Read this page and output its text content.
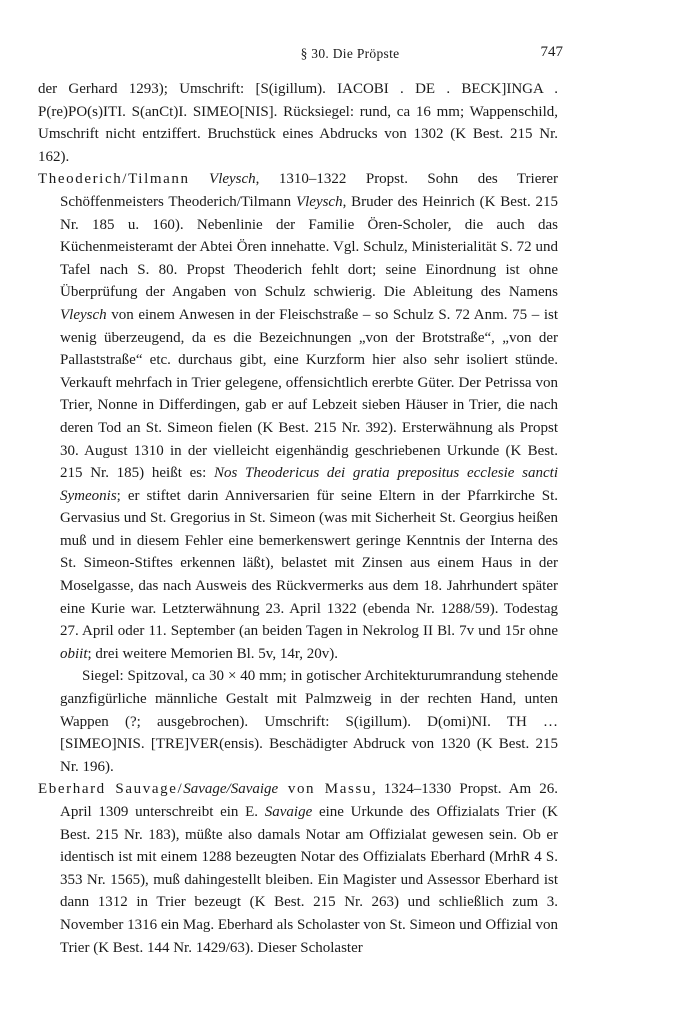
§ 30. Die Pröpste	747

der Gerhard 1293); Umschrift: [S(igillum). IACOBI . DE . BECK]INGA . P(re)PO(s)ITI. S(anCt)I. SIMEO[NIS]. Rücksiegel: rund, ca 16 mm; Wappenschild, Umschrift nicht entziffert. Bruchstück eines Abdrucks von 1302 (K Best. 215 Nr. 162).

Theoderich/Tilmann Vleysch, 1310–1322 Propst. Sohn des Trierer Schöffenmeisters Theoderich/Tilmann Vleysch, Bruder des Heinrich (K Best. 215 Nr. 185 u. 160). Nebenlinie der Familie Ören-Scholer, die auch das Küchenmeisteramt der Abtei Ören innehatte. Vgl. Schulz, Ministerialität S. 72 und Tafel nach S. 80. Propst Theoderich fehlt dort; seine Einordnung ist ohne Überprüfung der Angaben von Schulz schwierig. Die Ableitung des Namens Vleysch von einem Anwesen in der Fleischstraße – so Schulz S. 72 Anm. 75 – ist wenig überzeugend, da es die Bezeichnungen „von der Brotstraße“, „von der Pallaststraße“ etc. durchaus gibt, eine Kurzform hier also sehr isoliert stünde. Verkauft mehrfach in Trier gelegene, offensichtlich ererbte Güter. Der Petrissa von Trier, Nonne in Differdingen, gab er auf Lebzeit sieben Häuser in Trier, die nach deren Tod an St. Simeon fielen (K Best. 215 Nr. 392). Ersterwähnung als Propst 30. August 1310 in der vielleicht eigenhändig geschriebenen Urkunde (K Best. 215 Nr. 185) heißt es: Nos Theodericus dei gratia prepositus ecclesie sancti Symeonis; er stiftet darin Anniversarien für seine Eltern in der Pfarrkirche St. Gervasius und St. Gregorius in St. Simeon (was mit Sicherheit St. Georgius heißen muß und in diesem Fehler eine bemerkenswert geringe Kenntnis der Interna des St. Simeon-Stiftes erkennen läßt), belastet mit Zinsen aus einem Haus in der Moselgasse, das nach Ausweis des Rückvermerks aus dem 18. Jahrhundert später eine Kurie war. Letzterwähnung 23. April 1322 (ebenda Nr. 1288/59). Todestag 27. April oder 11. September (an beiden Tagen in Nekrolog II Bl. 7v und 15r ohne obiit; drei weitere Memorien Bl. 5v, 14r, 20v).

Siegel: Spitzoval, ca 30 × 40 mm; in gotischer Architekturumrandung stehende ganzfigürliche männliche Gestalt mit Palmzweig in der rechten Hand, unten Wappen (?; ausgebrochen). Umschrift: S(igillum). D(omi)NI. TH … [SIMEO]NIS. [TRE]VER(ensis). Beschädigter Abdruck von 1320 (K Best. 215 Nr. 196).

Eberhard Sauvage/Savage/Savaige von Massu, 1324–1330 Propst. Am 26. April 1309 unterschreibt ein E. Savaige eine Urkunde des Offizialats Trier (K Best. 215 Nr. 183), müßte also damals Notar am Offizialat gewesen sein. Ob er identisch ist mit einem 1288 bezeugten Notar des Offizialats Eberhard (MrhR 4 S. 353 Nr. 1565), muß dahingestellt bleiben. Ein Magister und Assessor Eberhard ist dann 1312 in Trier bezeugt (K Best. 215 Nr. 263) und schließlich zum 3. November 1316 ein Mag. Eberhard als Scholaster von St. Simeon und Offizial von Trier (K Best. 144 Nr. 1429/63). Dieser Scholaster
